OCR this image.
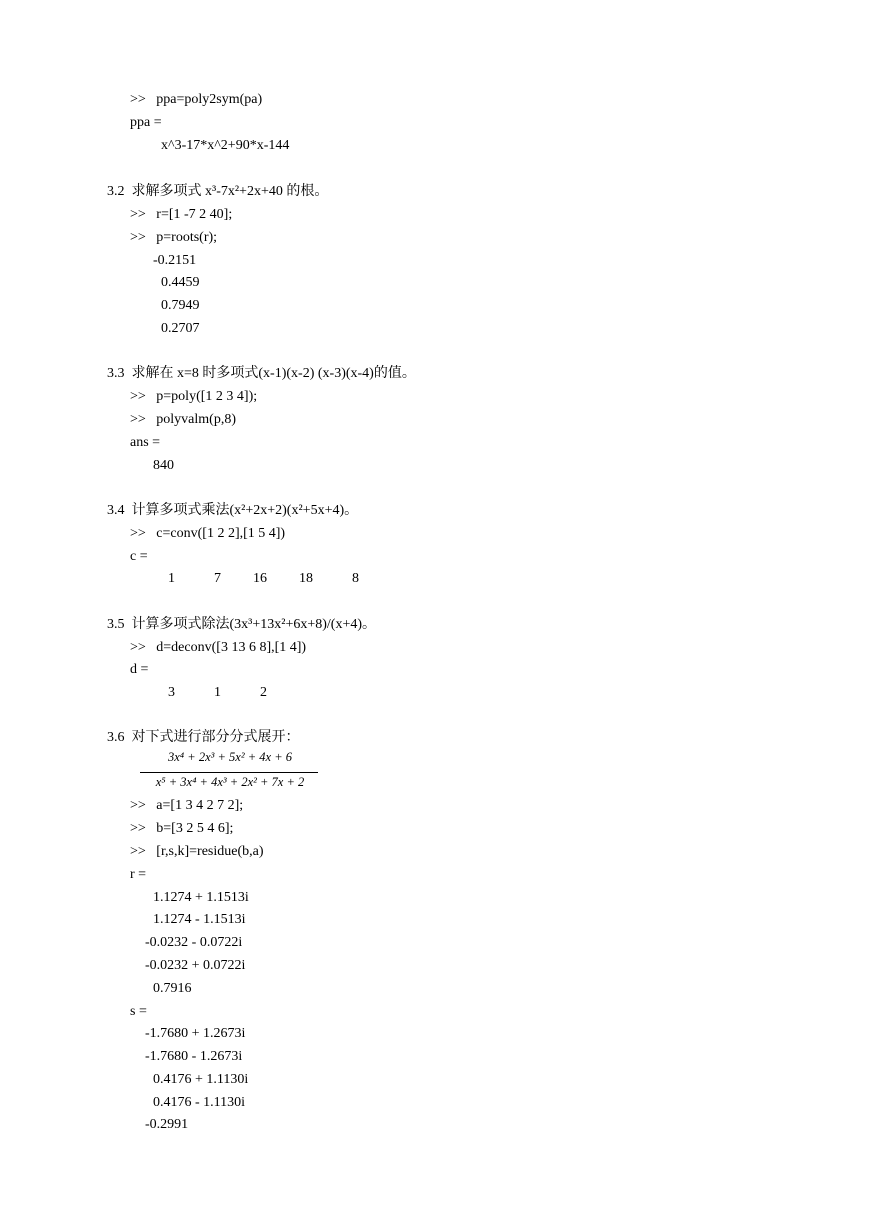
>>   ppa=poly2sym(pa)
ppa =
x^3-17*x^2+90*x-144
3.2  求解多项式 x³-7x²+2x+40 的根。
>>   r=[1 -7 2 40];
>>   p=roots(r);
-0.2151
0.4459
0.7949
0.2707
3.3  求解在 x=8 时多项式(x-1)(x-2) (x-3)(x-4)的值。
>>   p=poly([1 2 3 4]);
>>   polyvalm(p,8)
ans =
840
3.4  计算多项式乘法(x²+2x+2)(x²+5x+4)。
>>   c=conv([1 2 2],[1 5 4])
c =
1	7 16 18	8
3.5  计算多项式除法(3x³+13x²+6x+8)/(x+4)。
>>   d=deconv([3 13 6 8],[1 4])
d =
3	1	2
3.6  对下式进行部分分式展开：
3x⁴ + 2x³ + 5x² + 4x + 6
x⁵ + 3x⁴ + 4x³ + 2x² + 7x + 2
>>   a=[1 3 4 2 7 2];
>>   b=[3 2 5 4 6];
>>   [r,s,k]=residue(b,a)
r =
1.1274 + 1.1513i
1.1274 - 1.1513i
-0.0232 - 0.0722i
-0.0232 + 0.0722i
0.7916
s =
-1.7680 + 1.2673i
-1.7680 - 1.2673i
0.4176 + 1.1130i
0.4176 - 1.1130i
-0.2991
